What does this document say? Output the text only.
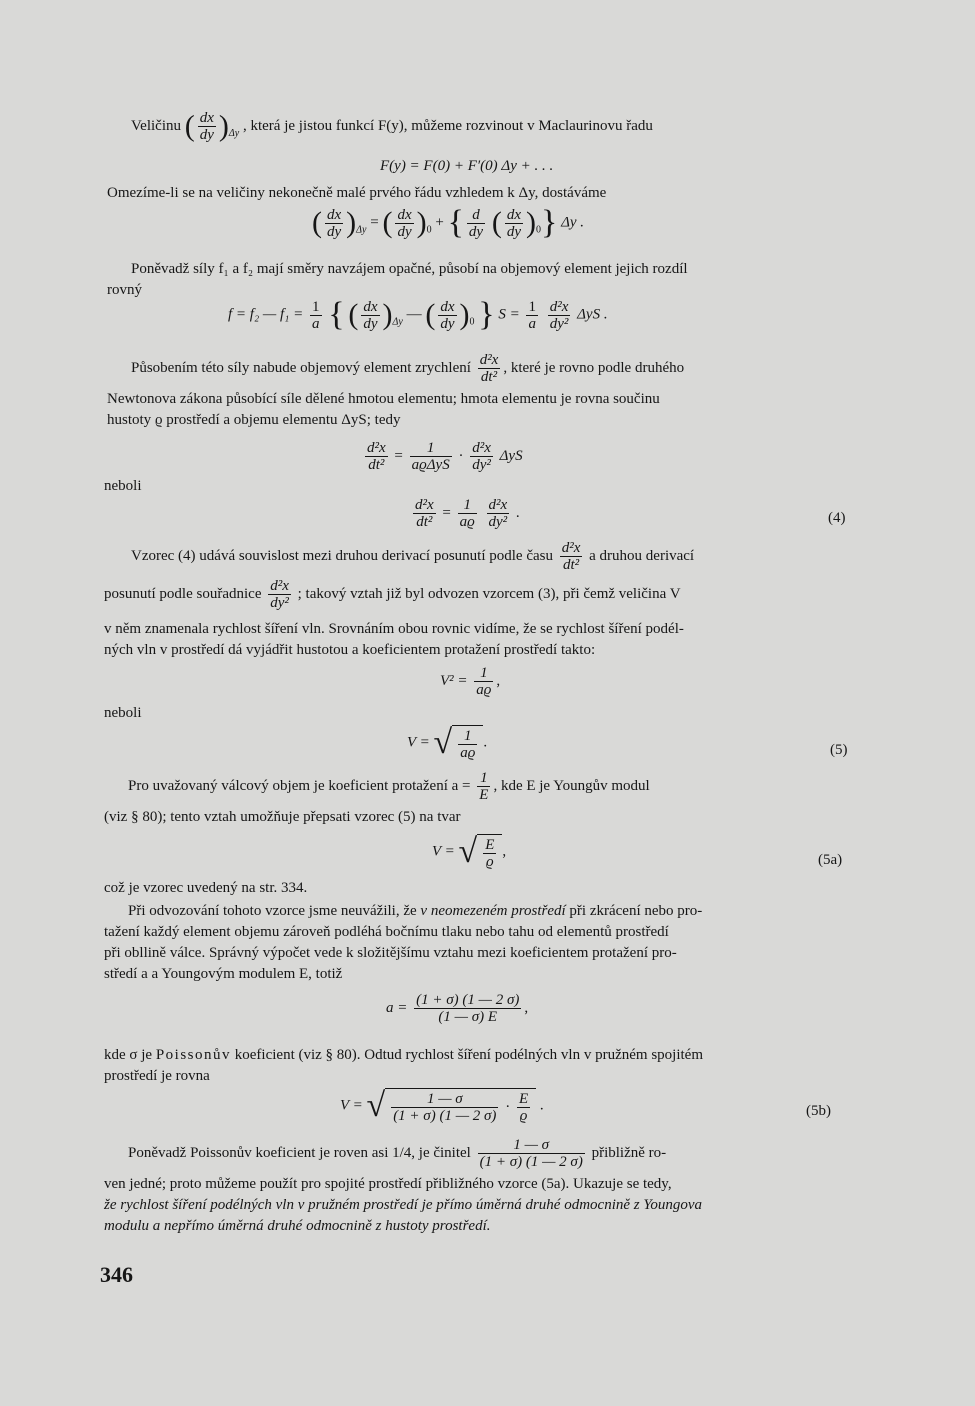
Veličinu ( $\frac{dx}{dy} )_{\Delta y}$ , která je jistou funkcí F(y), můžeme rozvinout v Maclaurinovu řadu
F(y) = F(0) + F′(0) Δy + . . .
Omezíme-li se na veličiny nekonečně malé prvého řádu vzhledem k Δy, dostáváme
( $\frac{dx}{dy} )_{\Delta y}$ = ( $\frac{dx}{dy} )_0$ + { $\frac{d}{dy}$ ( $\frac{dx}{dy} )_0$} Δy .
Poněvadž síly f₁ a f₂ mají směry navzájem opačné, působí na objemový element jejich rozdíl
rovný
f = f₂ — $f_1 = \frac{1}{a}$ { ( $\frac{dx}{dy} )_{\Delta y}$ — ( $\frac{dx}{dy} )_0$ } $S = \frac{1}{a}$
$\frac{\text{d²x}}{\text{dy²}}$ ΔyS .
Působením této síly nabude objemový element zrychlení $\frac{\text{d²x}}{\text{dt²}}$ , které je rovno podle druhého
Newtonova zákona působící síle dělené hmotou elementu; hmota elementu je rovna součinu
hustoty ϱ prostředí a objemu elementu ΔyS; tedy
$\frac{\text{d²x}}{\text{dt²}} = \frac{1}{\text{aϱΔyS}} \cdot \frac{\text{d²x}}{\text{dy²}}$ ΔyS
neboli
$\frac{\text{d²x}}{\text{dt²}} = \frac{1}{aϱ}$
$\frac{\text{d²x}}{\text{dy²}}$ .	(4)
Vzorec (4) udává souvislost mezi druhou derivací posunutí podle času $\frac{\text{d²x}}{\text{dt²}}$ a druhou derivací
posunutí podle souřadnice $\frac{\text{d²x}}{\text{dy²}}$ ; takový vztah již byl odvozen vzorcem (3), při čemž veličina V
v něm znamenala rychlost šíření vln. Srovnáním obou rovnic vidíme, že se rychlost šíření podél-
ných vln v prostředí dá vyjádřit hustotou a koeficientem protažení prostředí takto:
$V^2 = \frac{1}{aϱ}$ ,
neboli
V = √ $\frac{1}{aϱ}$ .	(5)
Pro uvažovaný válcový objem je koeficient protažení $a = \frac{1}{E}$ , kde E je Youngův modul
(viz § 80); tento vztah umožňuje přepsati vzorec (5) na tvar
V = √ $\frac{E}{ϱ}$ ,
(5a)
což je vzorec uvedený na str. 334.
Při odvozování tohoto vzorce jsme neuvážili, že v neomezeném prostředí při zkrácení nebo pro-
tažení každý element objemu zároveň podléhá bočnímu tlaku nebo tahu od elementů prostředí
při obllině válce. Správný výpočet vede k složitějšímu vztahu mezi koeficientem protažení pro-
středí a a Youngovým modulem E, totiž
$a = \frac{(1 + \sigma) (1 — 2 \sigma)}{(1 — \sigma) E}$ ,
kde σ je Poissonův koeficient (viz § 80). Odtud rychlost šíření podélných vln v pružném spojitém
prostředí je rovna
V = √ $\frac{1 — \sigma}{(1 + \sigma) (1 — 2 \sigma)} \cdot \frac{E}{ϱ}$ .	(5b)
Poněvadž Poissonův koeficient je roven asi 1/4, je činitel $\frac{1 — \sigma}{(1 + \sigma) (1 — 2 \sigma)}$ přibližně ro-
ven jedné; proto můžeme použít pro spojité prostředí přibližného vzorce (5a). Ukazuje se tedy,
že rychlost šíření podélných vln v pružném prostředí je přímo úměrná druhé odmocnině z Youngova
modulu a nepřímo úměrná druhé odmocnině z hustoty prostředí.
346
